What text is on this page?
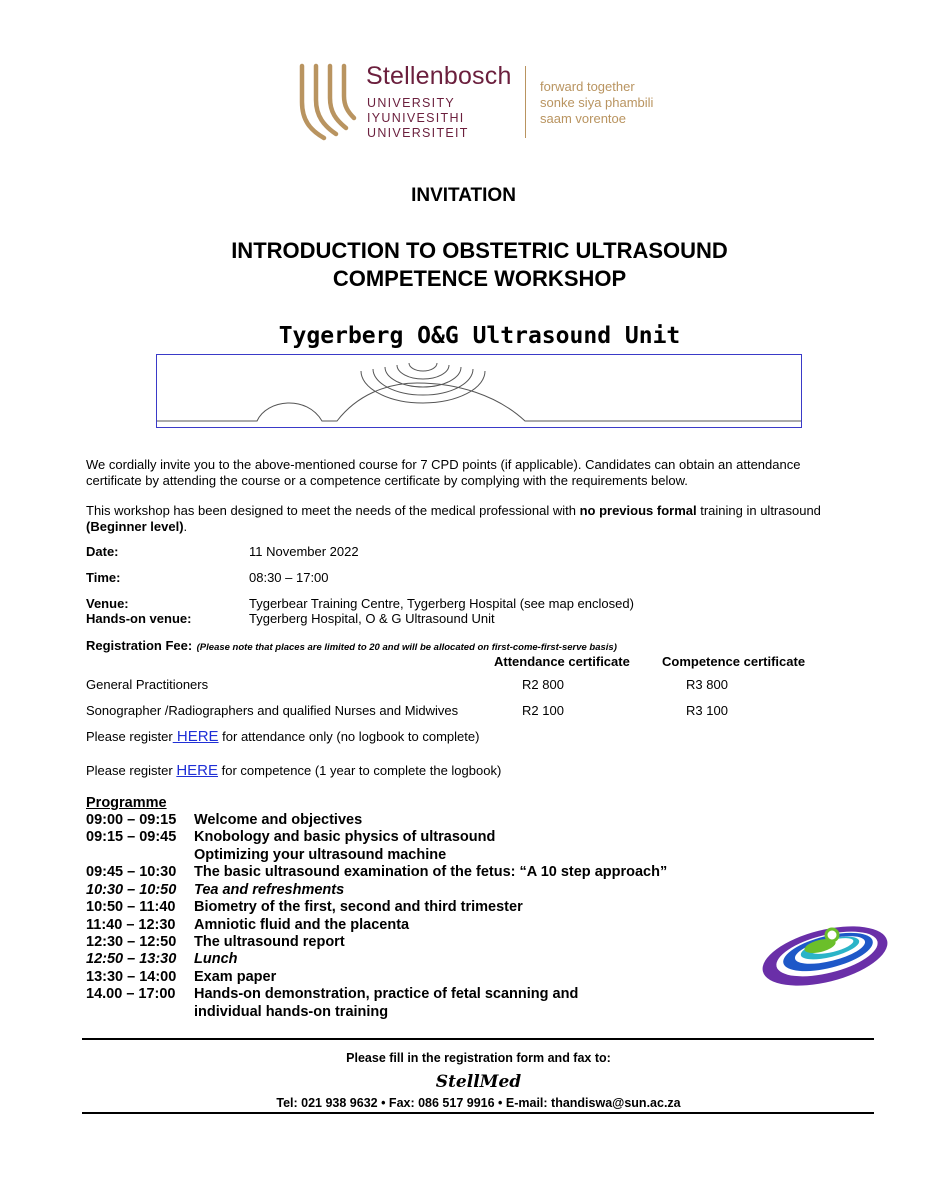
Stellenbosch
UNIVERSITY
IYUNIVESITHI
UNIVERSITEIT
forward together
sonke siya phambili
saam vorentoe
INVITATION
INTRODUCTION TO OBSTETRIC ULTRASOUND
COMPETENCE WORKSHOP
Tygerberg O&G Ultrasound Unit
We cordially invite you to the above-mentioned course for 7 CPD points (if applicable). Candidates can obtain an attendance
certificate by attending the course or a competence certificate by complying with the requirements below.
This workshop has been designed to meet the needs of the medical professional with no previous formal training in ultrasound
(Beginner level).
Date:	11 November 2022
Time:	08:30 – 17:00
Venue:	Tygerbear Training Centre, Tygerberg Hospital (see map enclosed)
Hands-on venue:	Tygerberg Hospital, O & G Ultrasound Unit
Registration Fee: (Please note that places are limited to 20 and will be allocated on first-come-first-serve basis)
Attendance certificate Competence certificate
General Practitioners	R2 800	R3 800
Sonographer /Radiographers and qualified Nurses and Midwives	R2 100	R3 100
Please register HERE for attendance only (no logbook to complete)
Please register HERE for competence (1 year to complete the logbook)
Programme
09:00 – 09:15 Welcome and objectives
09:15 – 09:45 Knobology and basic physics of ultrasound
Optimizing your ultrasound machine
09:45 – 10:30 The basic ultrasound examination of the fetus: “A 10 step approach”
10:30 – 10:50 Tea and refreshments
10:50 – 11:40 Biometry of the first, second and third trimester
11:40 – 12:30 Amniotic fluid and the placenta
12:30 – 12:50 The ultrasound report
12:50 – 13:30 Lunch
13:30 – 14:00 Exam paper
14.00 – 17:00 Hands-on demonstration, practice of fetal scanning and
individual hands-on training
Please fill in the registration form and fax to:
StellMed
Tel: 021 938 9632 • Fax: 086 517 9916 • E-mail: thandiswa@sun.ac.za
